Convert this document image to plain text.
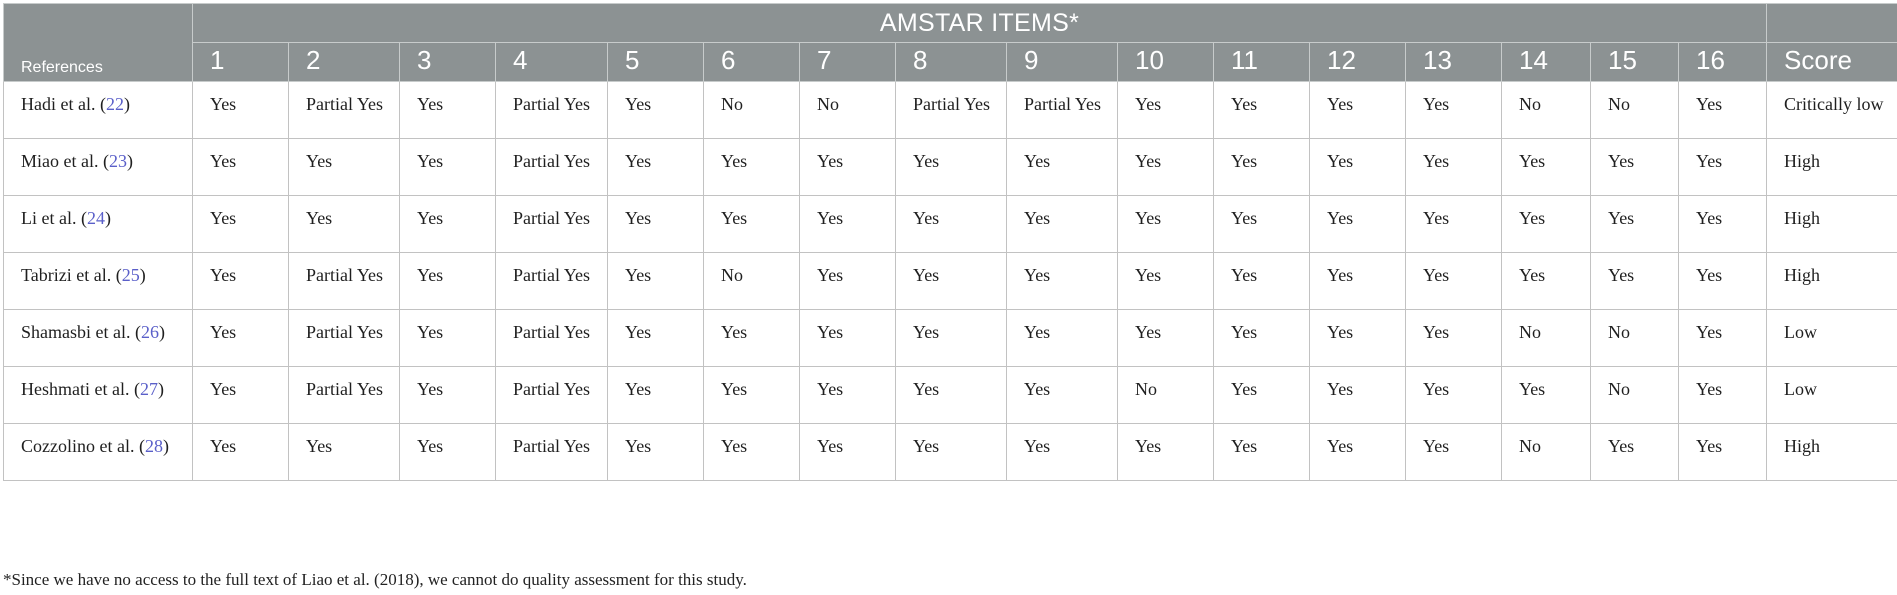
References	AMSTAR ITEMS*																
	1	2	3	4	5	6	7	8	9	10	11	12	13	14	15	16	Score
Hadi et al. (22)	Yes	Partial Yes	Yes	Partial Yes	Yes	No	No	Partial Yes	Partial Yes	Yes	Yes	Yes	Yes	No	No	Yes	Critically low
Miao et al. (23)	Yes	Yes	Yes	Partial Yes	Yes	Yes	Yes	Yes	Yes	Yes	Yes	Yes	Yes	Yes	Yes	Yes	High
Li et al. (24)	Yes	Yes	Yes	Partial Yes	Yes	Yes	Yes	Yes	Yes	Yes	Yes	Yes	Yes	Yes	Yes	Yes	High
Tabrizi et al. (25)	Yes	Partial Yes	Yes	Partial Yes	Yes	No	Yes	Yes	Yes	Yes	Yes	Yes	Yes	Yes	Yes	Yes	High
Shamasbi et al. (26)	Yes	Partial Yes	Yes	Partial Yes	Yes	Yes	Yes	Yes	Yes	Yes	Yes	Yes	Yes	No	No	Yes	Low
Heshmati et al. (27)	Yes	Partial Yes	Yes	Partial Yes	Yes	Yes	Yes	Yes	Yes	No	Yes	Yes	Yes	Yes	No	Yes	Low
Cozzolino et al. (28)	Yes	Yes	Yes	Partial Yes	Yes	Yes	Yes	Yes	Yes	Yes	Yes	Yes	Yes	No	Yes	Yes	High
*Since we have no access to the full text of Liao et al. (2018), we cannot do quality assessment for this study.
